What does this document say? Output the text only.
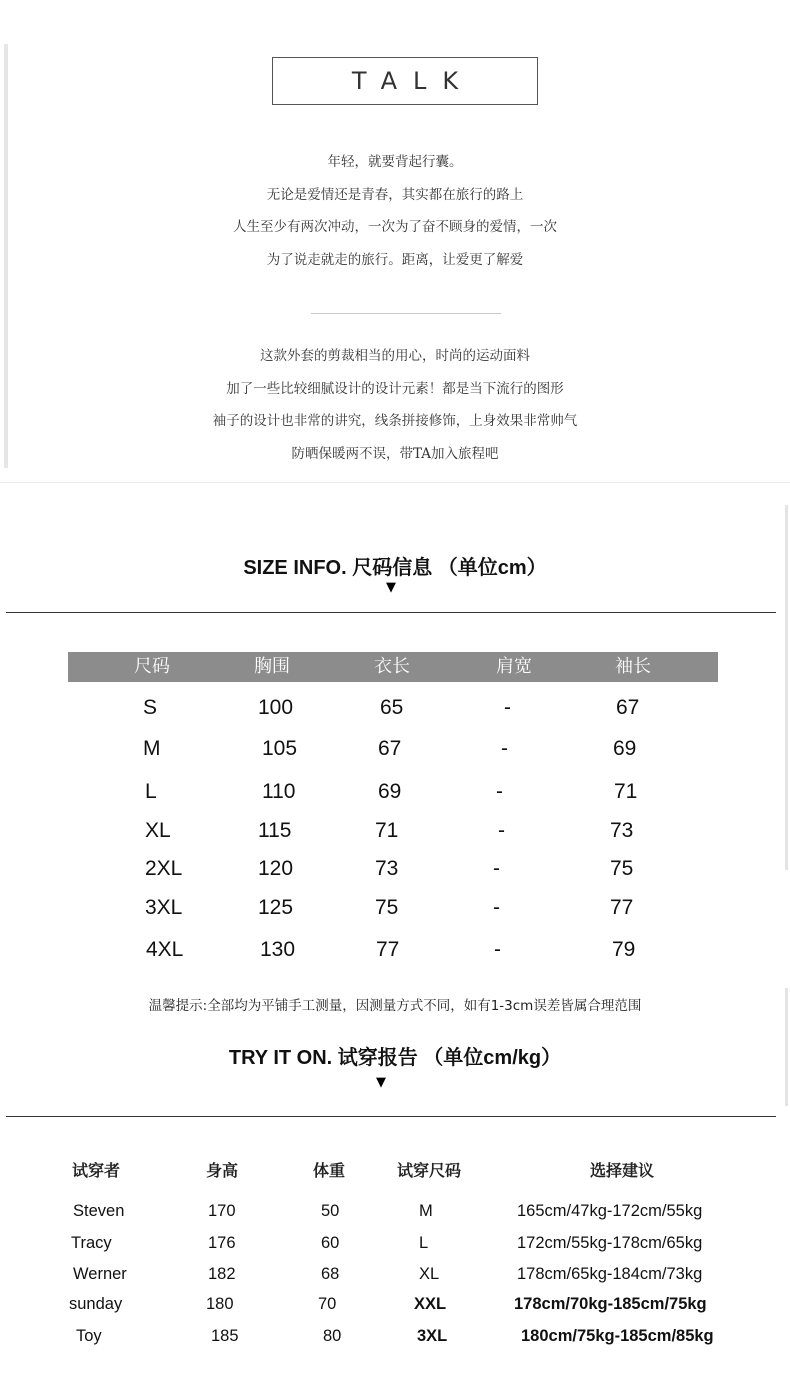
TALK
年轻，就要背起行囊。
无论是爱情还是青春，其实都在旅行的路上
人生至少有两次冲动，一次为了奋不顾身的爱情，一次
为了说走就走的旅行。距离，让爱更了解爱
这款外套的剪裁相当的用心，时尚的运动面料
加了一些比较细腻设计的设计元素！都是当下流行的图形
袖子的设计也非常的讲究，线条拼接修饰，上身效果非常帅气
防晒保暖两不误，带TA加入旅程吧
SIZE INFO. 尺码信息 （单位cm）
▼
尺码	胸围	衣长	肩宽	袖长
S	100	65	-	67
M	105	67	-	69
L	110	69	-	71
XL	115	71	-	73
2XL	120	73	-	75
3XL	125	75	-	77
4XL	130	77	-	79
温馨提示:全部均为平铺手工测量，因测量方式不同，如有1-3cm误差皆属合理范围
TRY IT ON. 试穿报告 （单位cm/kg）
▼
试穿者	身高	体重	试穿尺码	选择建议
Steven	170	50	M	165cm/47kg-172cm/55kg
Tracy	176	60	L	172cm/55kg-178cm/65kg
Werner	182	68	XL	178cm/65kg-184cm/73kg
sunday	180	70	XXL	178cm/70kg-185cm/75kg
Toy	185	80	3XL	180cm/75kg-185cm/85kg
